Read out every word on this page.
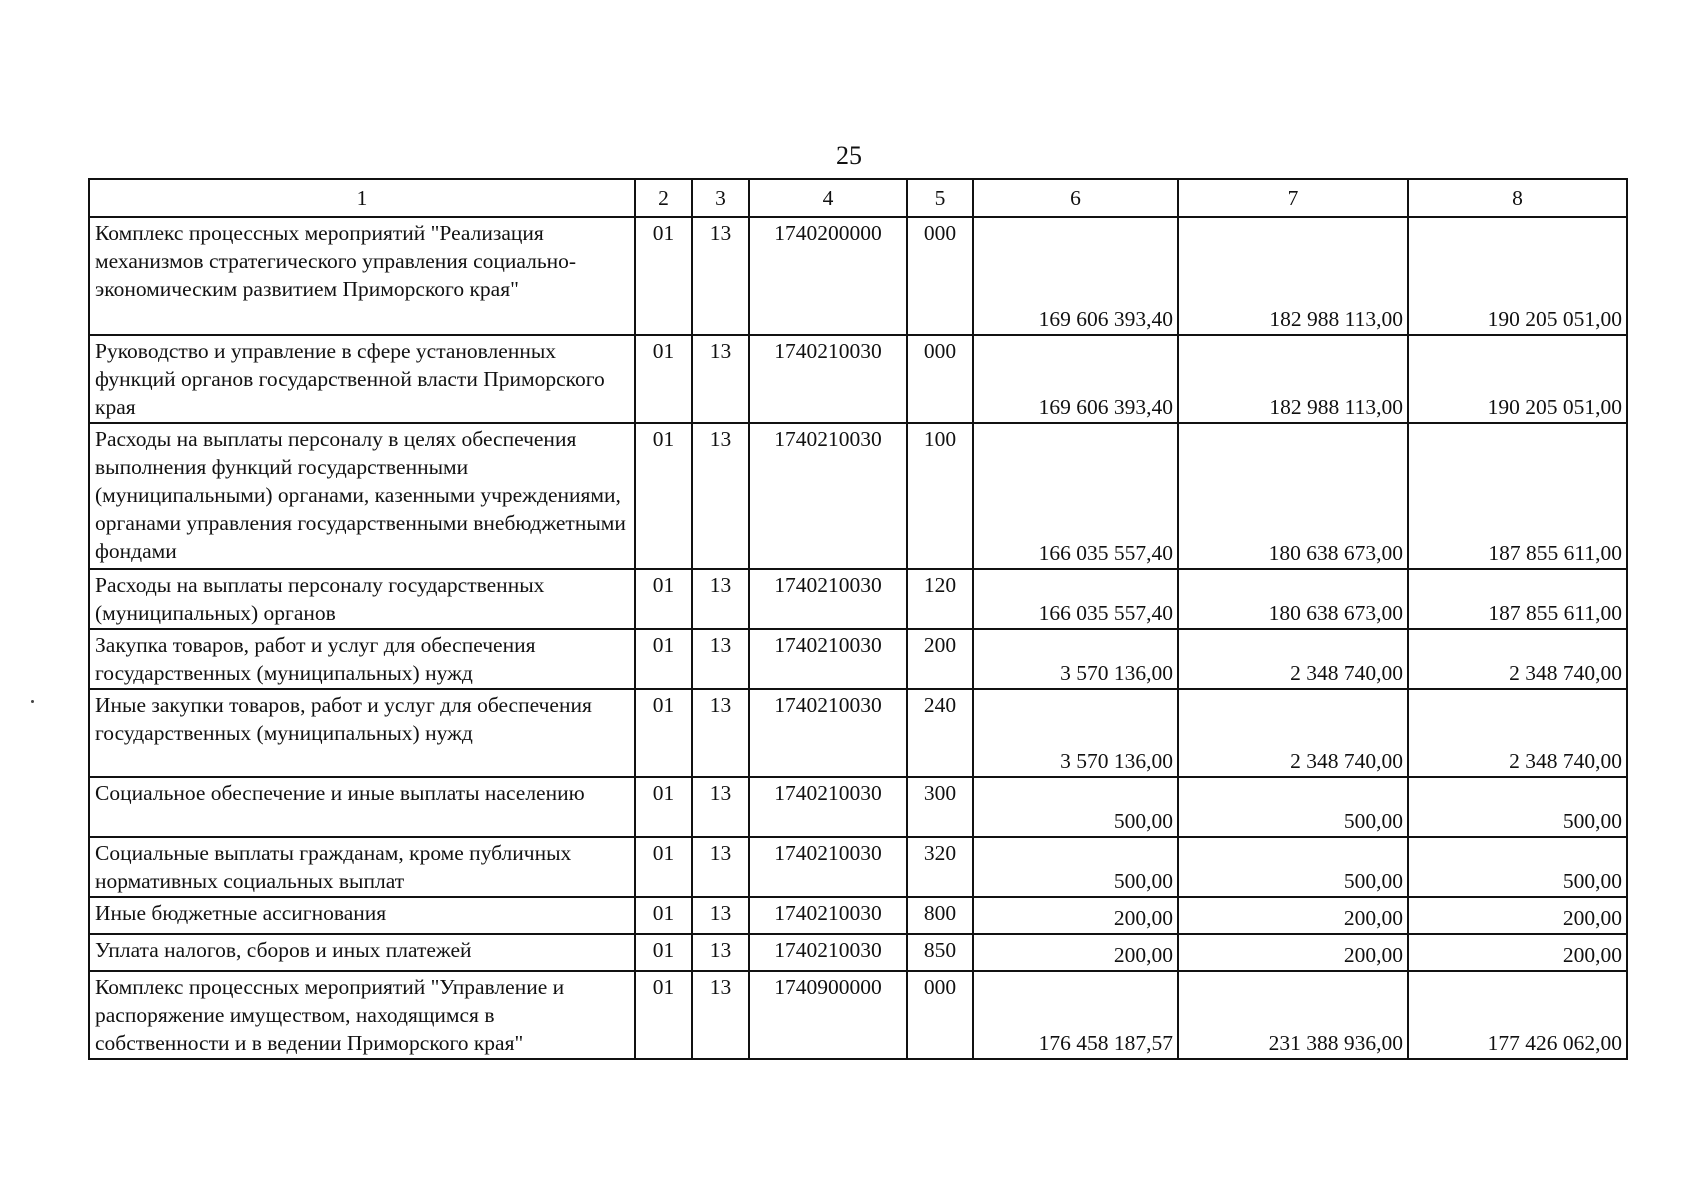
25
1	2	3	4	5	6	7	8
Комплекс процессных мероприятий "Реализация механизмов стратегического управления социально-экономическим развитием Приморского края"	01	13	1740200000	000	169 606 393,40	182 988 113,00	190 205 051,00
Руководство и управление в сфере установленных функций органов государственной власти Приморского края	01	13	1740210030	000	169 606 393,40	182 988 113,00	190 205 051,00
Расходы на выплаты персоналу в целях обеспечения выполнения функций государственными (муниципальными) органами, казенными учреждениями, органами управления государственными внебюджетными фондами	01	13	1740210030	100	166 035 557,40	180 638 673,00	187 855 611,00
Расходы на выплаты персоналу государственных (муниципальных) органов	01	13	1740210030	120	166 035 557,40	180 638 673,00	187 855 611,00
Закупка товаров, работ и услуг для обеспечения государственных (муниципальных) нужд	01	13	1740210030	200	3 570 136,00	2 348 740,00	2 348 740,00
Иные закупки товаров, работ и услуг для обеспечения государственных (муниципальных) нужд	01	13	1740210030	240	3 570 136,00	2 348 740,00	2 348 740,00
Социальное обеспечение и иные выплаты населению	01	13	1740210030	300	500,00	500,00	500,00
Социальные выплаты гражданам, кроме публичных нормативных социальных выплат	01	13	1740210030	320	500,00	500,00	500,00
Иные бюджетные ассигнования	01	13	1740210030	800	200,00	200,00	200,00
Уплата налогов, сборов и иных платежей	01	13	1740210030	850	200,00	200,00	200,00
Комплекс процессных мероприятий "Управление и распоряжение имуществом, находящимся в собственности и в ведении Приморского края"	01	13	1740900000	000	176 458 187,57	231 388 936,00	177 426 062,00
